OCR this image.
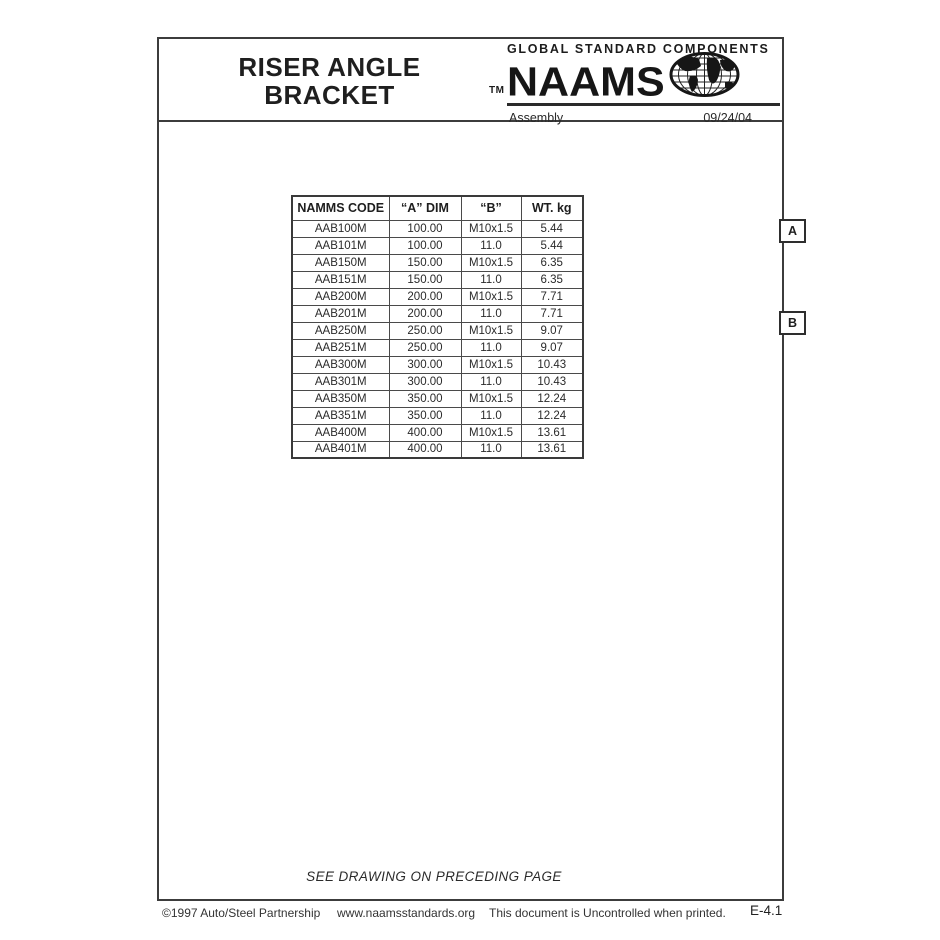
RISER ANGLE
BRACKET
GLOBAL STANDARD COMPONENTS
TM NAAMS
Assembly	09/24/04
NAMMS CODE	“A” DIM	“B”	WT. kg
AAB100M	100.00	M10x1.5	5.44
AAB101M	100.00	11.0	5.44
AAB150M	150.00	M10x1.5	6.35
AAB151M	150.00	11.0	6.35
AAB200M	200.00	M10x1.5	7.71
AAB201M	200.00	11.0	7.71
AAB250M	250.00	M10x1.5	9.07
AAB251M	250.00	11.0	9.07
AAB300M	300.00	M10x1.5	10.43
AAB301M	300.00	11.0	10.43
AAB350M	350.00	M10x1.5	12.24
AAB351M	350.00	11.0	12.24
AAB400M	400.00	M10x1.5	13.61
AAB401M	400.00	11.0	13.61
A
B
SEE DRAWING ON PRECEDING PAGE
©1997 Auto/Steel Partnership www.naamsstandards.org This document is Uncontrolled when printed. E-4.1
